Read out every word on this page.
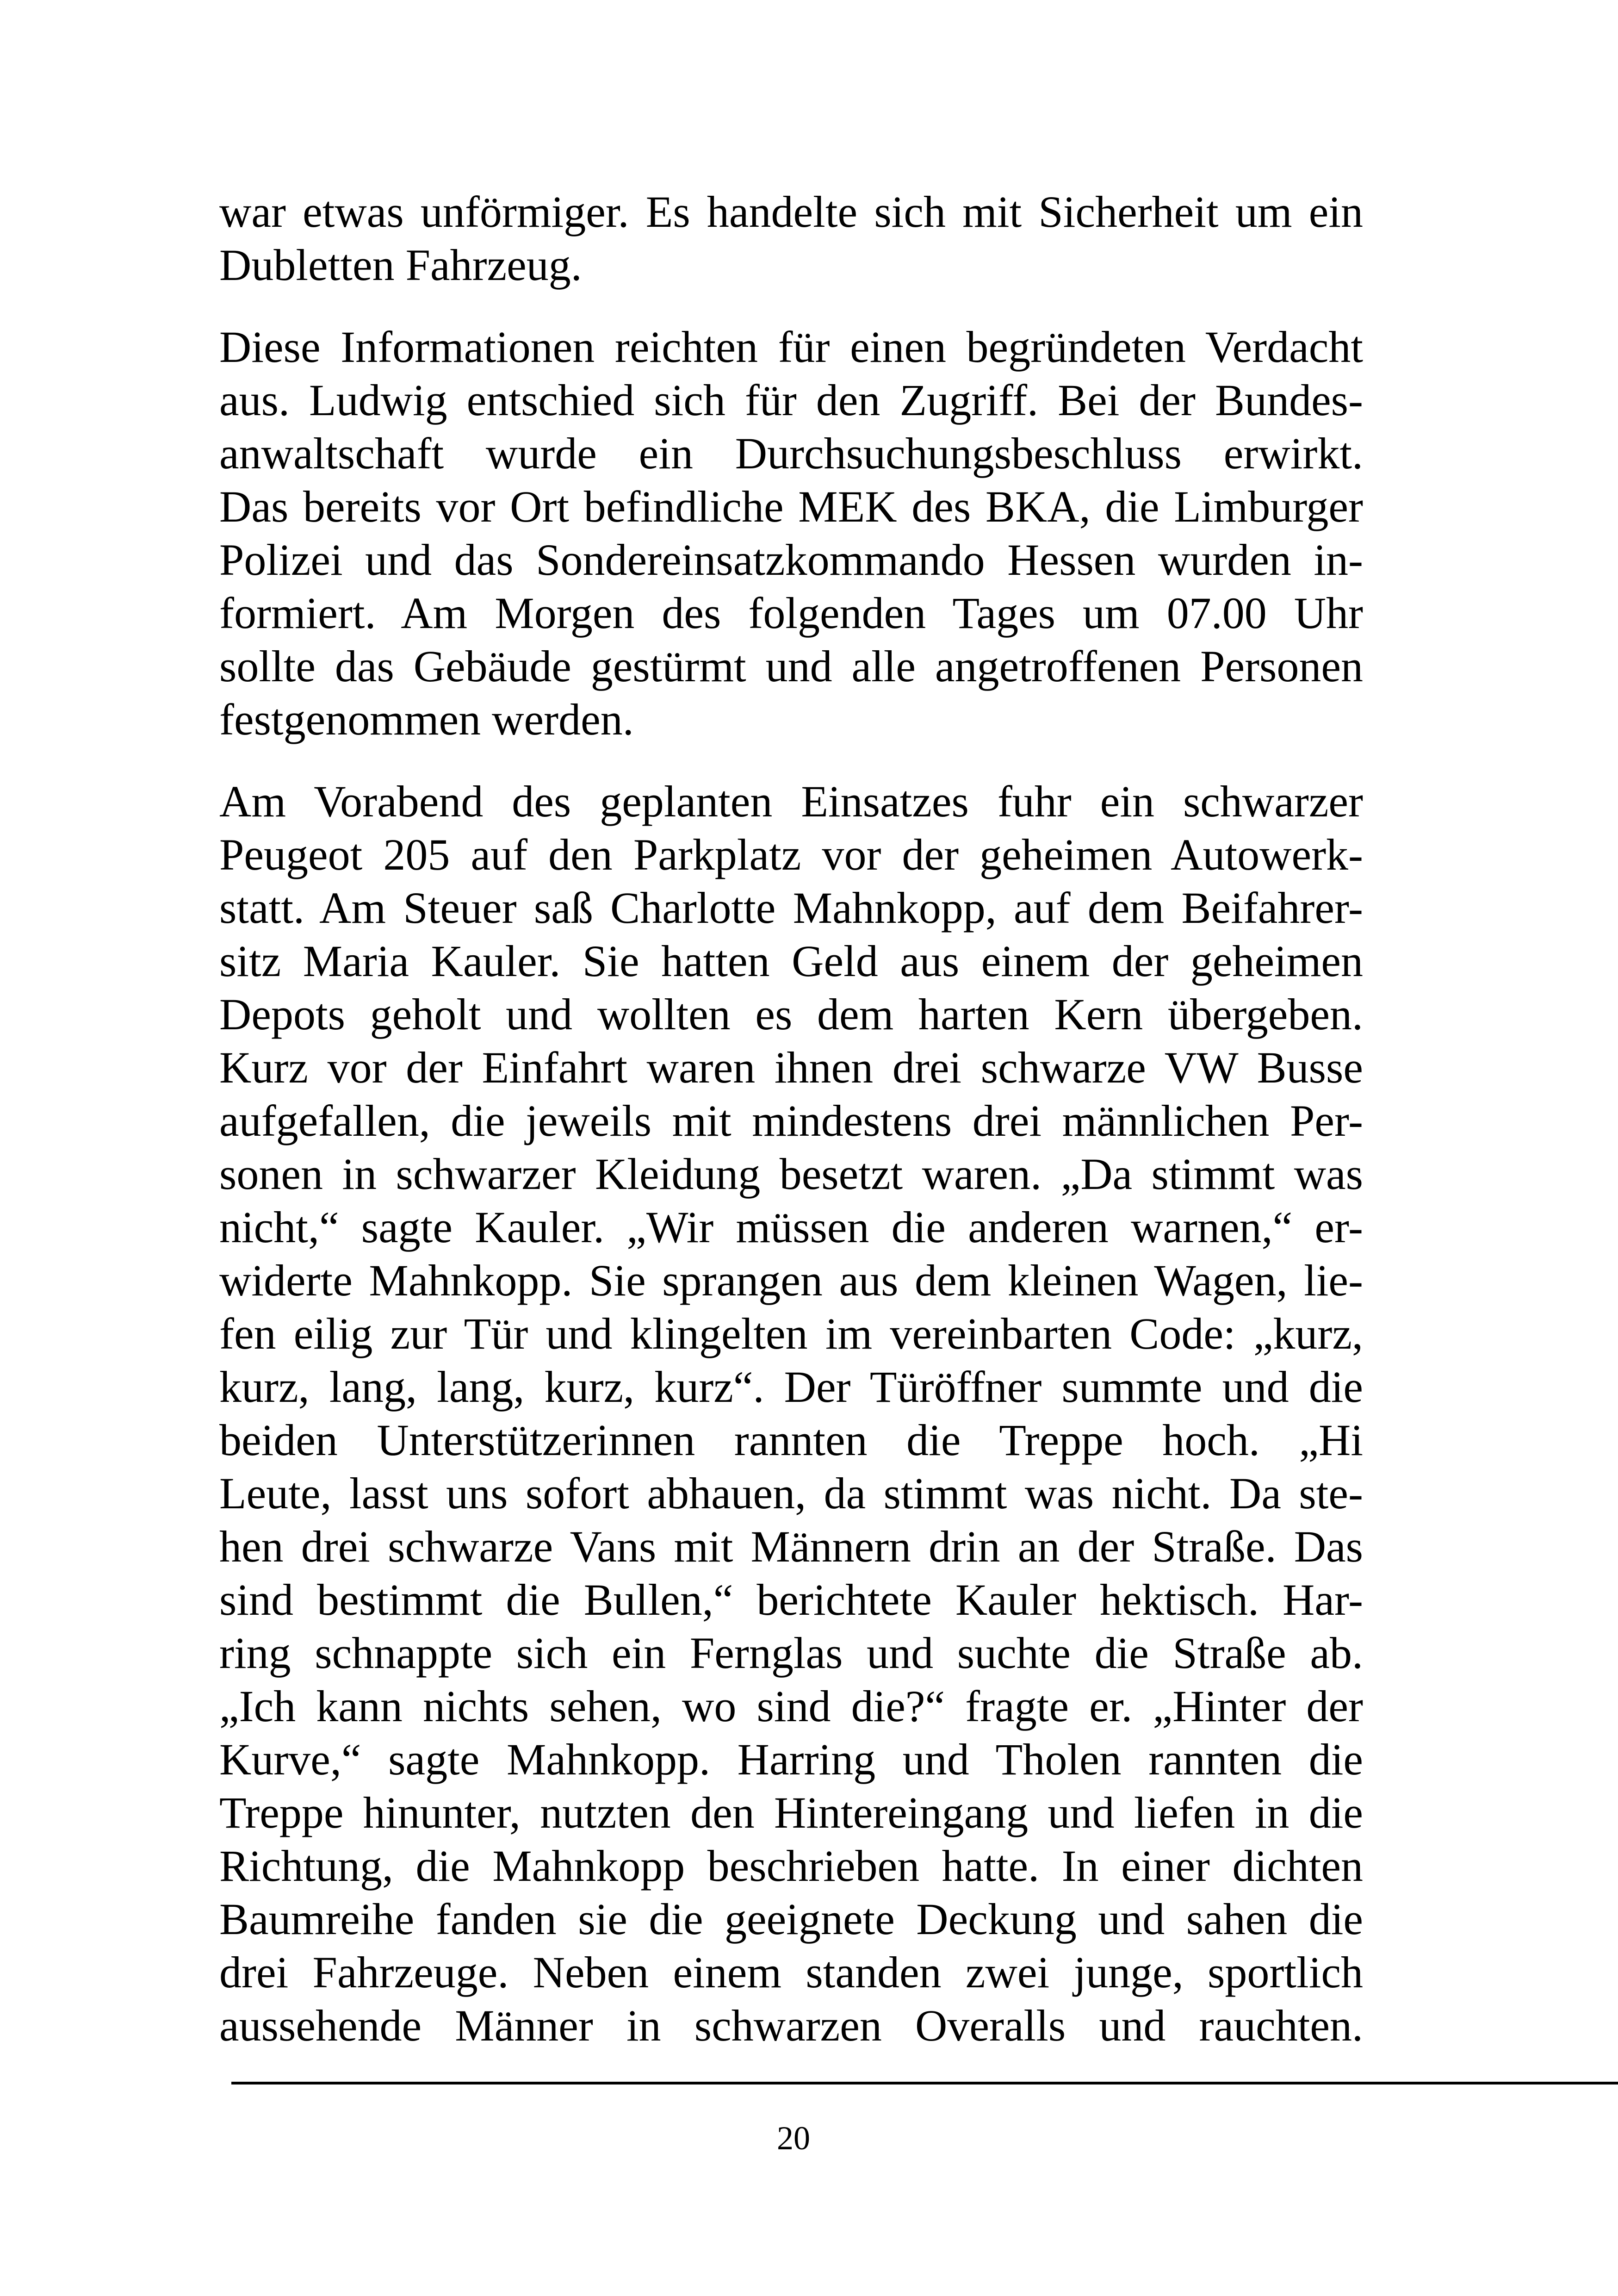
war etwas unförmiger. Es handelte sich mit Sicherheit um ein
Dubletten Fahrzeug.
Diese Informationen reichten für einen begründeten Verdacht
aus. Ludwig entschied sich für den Zugriff. Bei der Bundes-
anwaltschaft wurde ein Durchsuchungsbeschluss erwirkt.
Das bereits vor Ort befindliche MEK des BKA, die Limburger
Polizei und das Sondereinsatzkommando Hessen wurden in-
formiert. Am Morgen des folgenden Tages um 07.00 Uhr
sollte das Gebäude gestürmt und alle angetroffenen Personen
festgenommen werden.
Am Vorabend des geplanten Einsatzes fuhr ein schwarzer
Peugeot 205 auf den Parkplatz vor der geheimen Autowerk-
statt. Am Steuer saß Charlotte Mahnkopp, auf dem Beifahrer-
sitz Maria Kauler. Sie hatten Geld aus einem der geheimen
Depots geholt und wollten es dem harten Kern übergeben.
Kurz vor der Einfahrt waren ihnen drei schwarze VW Busse
aufgefallen, die jeweils mit mindestens drei männlichen Per-
sonen in schwarzer Kleidung besetzt waren. „Da stimmt was
nicht,“ sagte Kauler. „Wir müssen die anderen warnen,“ er-
widerte Mahnkopp. Sie sprangen aus dem kleinen Wagen, lie-
fen eilig zur Tür und klingelten im vereinbarten Code: „kurz,
kurz, lang, lang, kurz, kurz“. Der Türöffner summte und die
beiden Unterstützerinnen rannten die Treppe hoch. „Hi
Leute, lasst uns sofort abhauen, da stimmt was nicht. Da ste-
hen drei schwarze Vans mit Männern drin an der Straße. Das
sind bestimmt die Bullen,“ berichtete Kauler hektisch. Har-
ring schnappte sich ein Fernglas und suchte die Straße ab.
„Ich kann nichts sehen, wo sind die?“ fragte er. „Hinter der
Kurve,“ sagte Mahnkopp. Harring und Tholen rannten die
Treppe hinunter, nutzten den Hintereingang und liefen in die
Richtung, die Mahnkopp beschrieben hatte. In einer dichten
Baumreihe fanden sie die geeignete Deckung und sahen die
drei Fahrzeuge. Neben einem standen zwei junge, sportlich
aussehende Männer in schwarzen Overalls und rauchten.
20
